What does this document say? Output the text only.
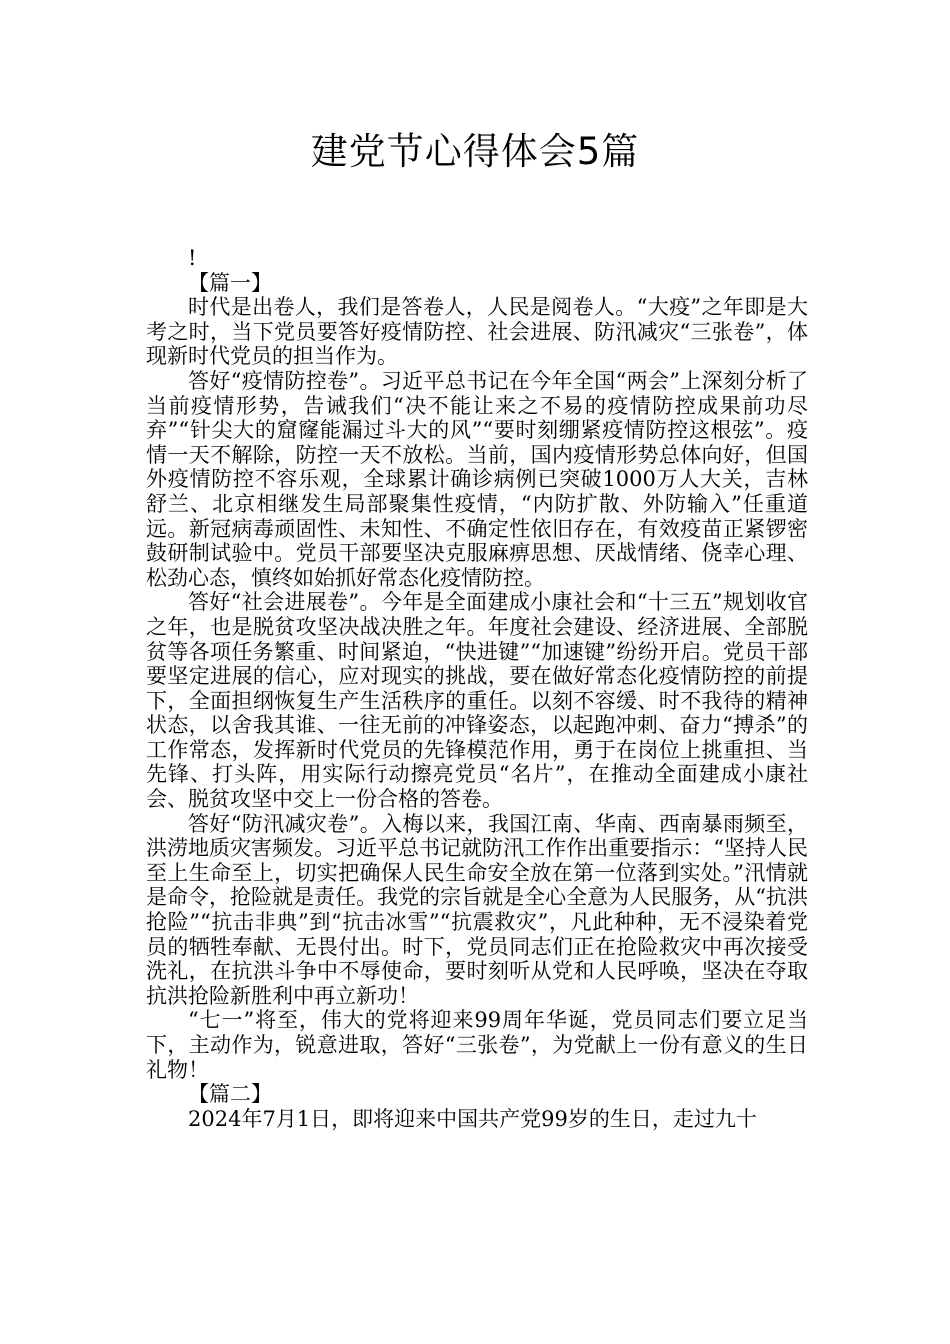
建党节心得体会5篇

!

【篇一】

时代是出卷人，我们是答卷人，人民是阅卷人。“大疫”之年即是大考之时，当下党员要答好疫情防控、社会进展、防汛减灾“三张卷”，体现新时代党员的担当作为。

答好“疫情防控卷”。习近平总书记在今年全国“两会”上深刻分析了当前疫情形势，告诫我们“决不能让来之不易的疫情防控成果前功尽弃”“针尖大的窟窿能漏过斗大的风”“要时刻绷紧疫情防控这根弦”。疫情一天不解除，防控一天不放松。当前，国内疫情形势总体向好，但国外疫情防控不容乐观，全球累计确诊病例已突破1000万人大关，吉林舒兰、北京相继发生局部聚集性疫情，“内防扩散、外防输入”任重道远。新冠病毒顽固性、未知性、不确定性依旧存在，有效疫苗正紧锣密鼓研制试验中。党员干部要坚决克服麻痹思想、厌战情绪、侥幸心理、松劲心态，慎终如始抓好常态化疫情防控。

答好“社会进展卷”。今年是全面建成小康社会和“十三五”规划收官之年，也是脱贫攻坚决战决胜之年。年度社会建设、经济进展、全部脱贫等各项任务繁重、时间紧迫，“快进键”“加速键”纷纷开启。党员干部要坚定进展的信心，应对现实的挑战，要在做好常态化疫情防控的前提下，全面担纲恢复生产生活秩序的重任。以刻不容缓、时不我待的精神状态，以舍我其谁、一往无前的冲锋姿态，以起跑冲刺、奋力“搏杀”的工作常态，发挥新时代党员的先锋模范作用，勇于在岗位上挑重担、当先锋、打头阵，用实际行动擦亮党员“名片”，在推动全面建成小康社会、脱贫攻坚中交上一份合格的答卷。

答好“防汛减灾卷”。入梅以来，我国江南、华南、西南暴雨频至，洪涝地质灾害频发。习近平总书记就防汛工作作出重要指示：“坚持人民至上生命至上，切实把确保人民生命安全放在第一位落到实处。”汛情就是命令，抢险就是责任。我党的宗旨就是全心全意为人民服务，从“抗洪抢险”“抗击非典”到“抗击冰雪”“抗震救灾”，凡此种种，无不浸染着党员的牺牲奉献、无畏付出。时下，党员同志们正在抢险救灾中再次接受洗礼，在抗洪斗争中不辱使命，要时刻听从党和人民呼唤，坚决在夺取抗洪抢险新胜利中再立新功！

“七一”将至，伟大的党将迎来99周年华诞，党员同志们要立足当下，主动作为，锐意进取，答好“三张卷”，为党献上一份有意义的生日礼物！

【篇二】

2024年7月1日，即将迎来中国共产党99岁的生日，走过九十
